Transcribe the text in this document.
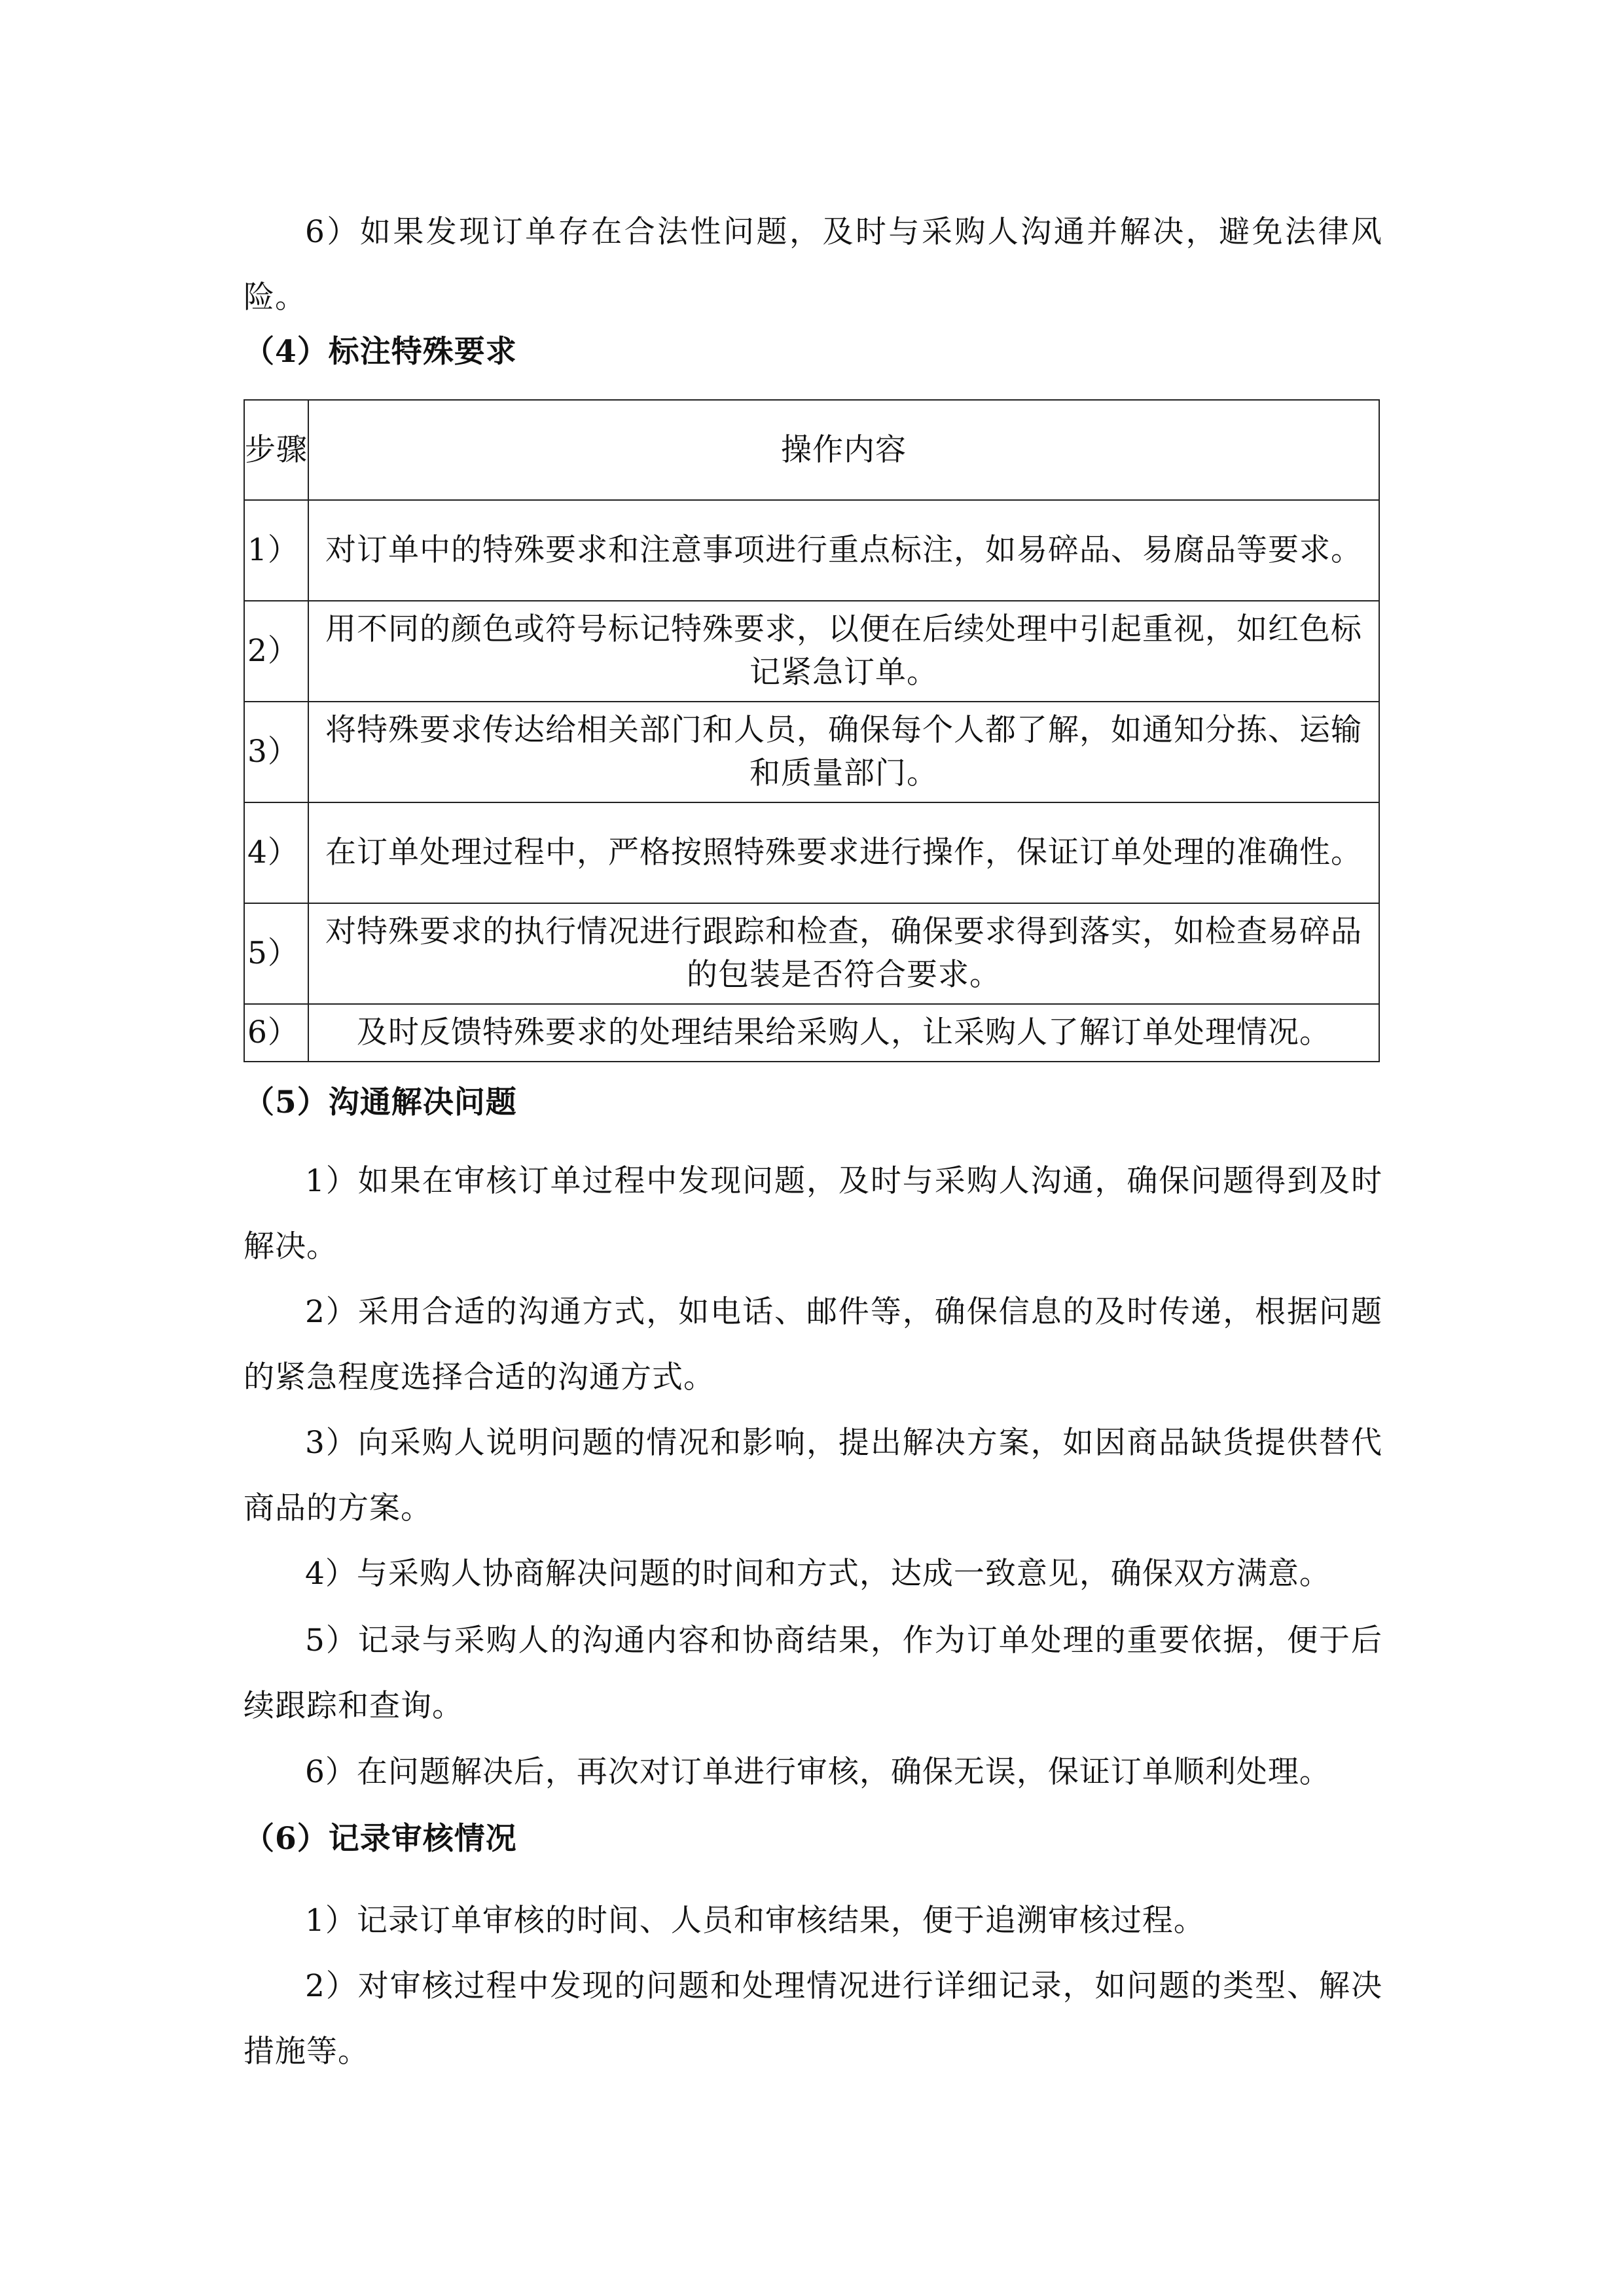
6）如果发现订单存在合法性问题，及时与采购人沟通并解决，避免法律风险。

（4）标注特殊要求
步骤	操作内容
1）	对订单中的特殊要求和注意事项进行重点标注，如易碎品、易腐品等要求。
2）	用不同的颜色或符号标记特殊要求，以便在后续处理中引起重视，如红色标记紧急订单。
3）	将特殊要求传达给相关部门和人员，确保每个人都了解，如通知分拣、运输和质量部门。
4）	在订单处理过程中，严格按照特殊要求进行操作，保证订单处理的准确性。
5）	对特殊要求的执行情况进行跟踪和检查，确保要求得到落实，如检查易碎品的包装是否符合要求。
6）	及时反馈特殊要求的处理结果给采购人，让采购人了解订单处理情况。
（5）沟通解决问题

1）如果在审核订单过程中发现问题，及时与采购人沟通，确保问题得到及时解决。

2）采用合适的沟通方式，如电话、邮件等，确保信息的及时传递，根据问题的紧急程度选择合适的沟通方式。

3）向采购人说明问题的情况和影响，提出解决方案，如因商品缺货提供替代商品的方案。

4）与采购人协商解决问题的时间和方式，达成一致意见，确保双方满意。

5）记录与采购人的沟通内容和协商结果，作为订单处理的重要依据，便于后续跟踪和查询。

6）在问题解决后，再次对订单进行审核，确保无误，保证订单顺利处理。

（6）记录审核情况

1）记录订单审核的时间、人员和审核结果，便于追溯审核过程。

2）对审核过程中发现的问题和处理情况进行详细记录，如问题的类型、解决措施等。
